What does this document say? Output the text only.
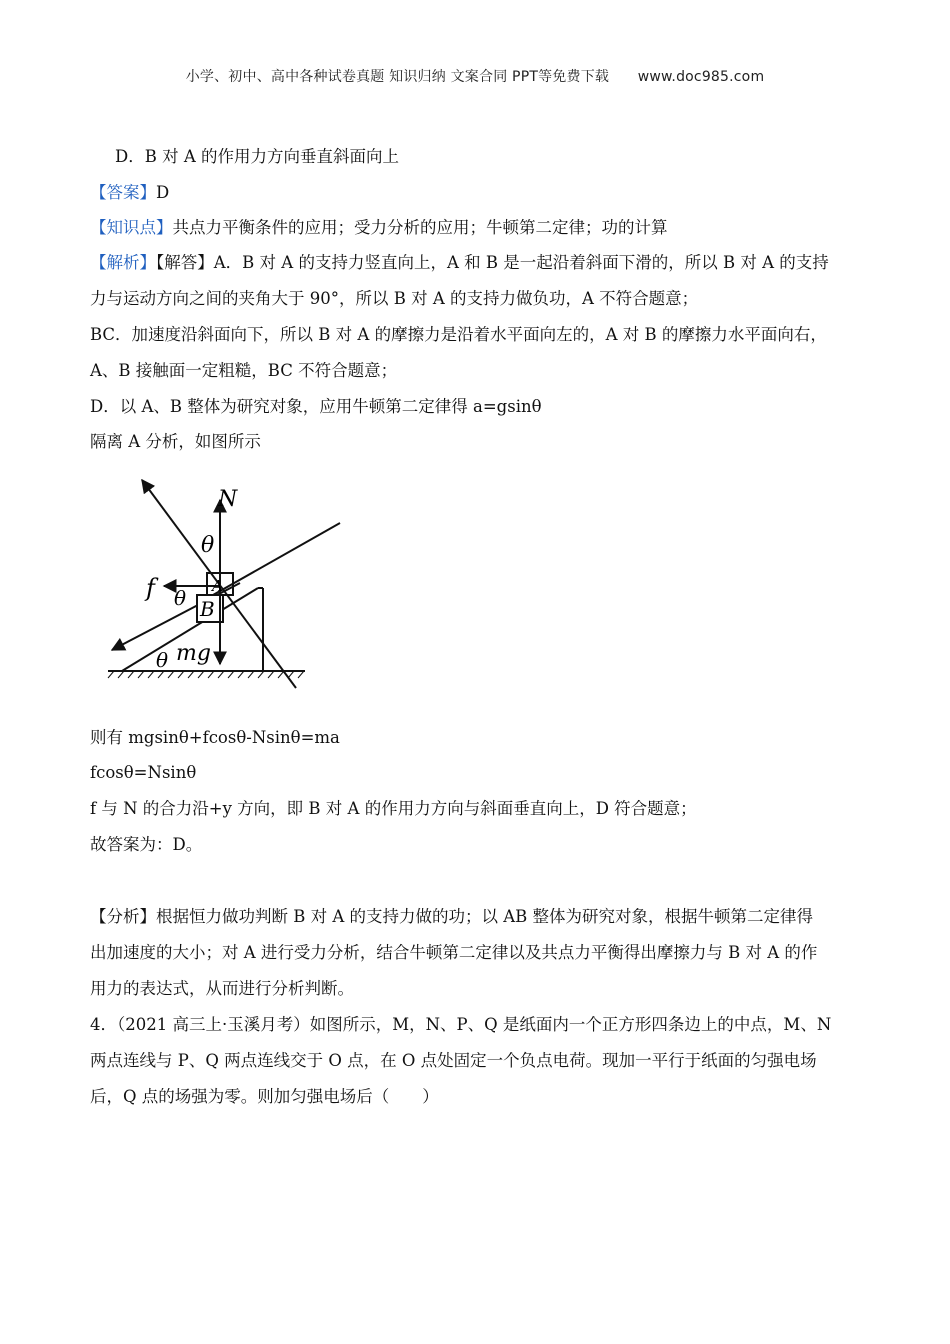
小学、初中、高中各种试卷真题 知识归纳 文案合同 PPT等免费下载 www.doc985.com
D．B 对 A 的作用力方向垂直斜面向上
【答案】D
【知识点】共点力平衡条件的应用；受力分析的应用；牛顿第二定律；功的计算
【解析】【解答】A．B 对 A 的支持力竖直向上，A 和 B 是一起沿着斜面下滑的，所以 B 对 A 的支持
力与运动方向之间的夹角大于 90°，所以 B 对 A 的支持力做负功，A 不符合题意；
BC．加速度沿斜面向下，所以 B 对 A 的摩擦力是沿着水平面向左的，A 对 B 的摩擦力水平面向右，
A、B 接触面一定粗糙，BC 不符合题意；
D．以 A、B 整体为研究对象，应用牛顿第二定律得 a=gsinθ
隔离 A 分析，如图所示
N
θ
f θ A
B
mg
θ
则有 mgsinθ+fcosθ-Nsinθ=ma
fcosθ=Nsinθ
f 与 N 的合力沿+y 方向，即 B 对 A 的作用力方向与斜面垂直向上，D 符合题意；
故答案为：D。
【分析】根据恒力做功判断 B 对 A 的支持力做的功；以 AB 整体为研究对象，根据牛顿第二定律得
出加速度的大小；对 A 进行受力分析，结合牛顿第二定律以及共点力平衡得出摩擦力与 B 对 A 的作
用力的表达式，从而进行分析判断。
4．（2021 高三上·玉溪月考）如图所示，M，N、P、Q 是纸面内一个正方形四条边上的中点，M、N
两点连线与 P、Q 两点连线交于 O 点，在 O 点处固定一个负点电荷。现加一平行于纸面的匀强电场
后，Q 点的场强为零。则加匀强电场后（　　）
